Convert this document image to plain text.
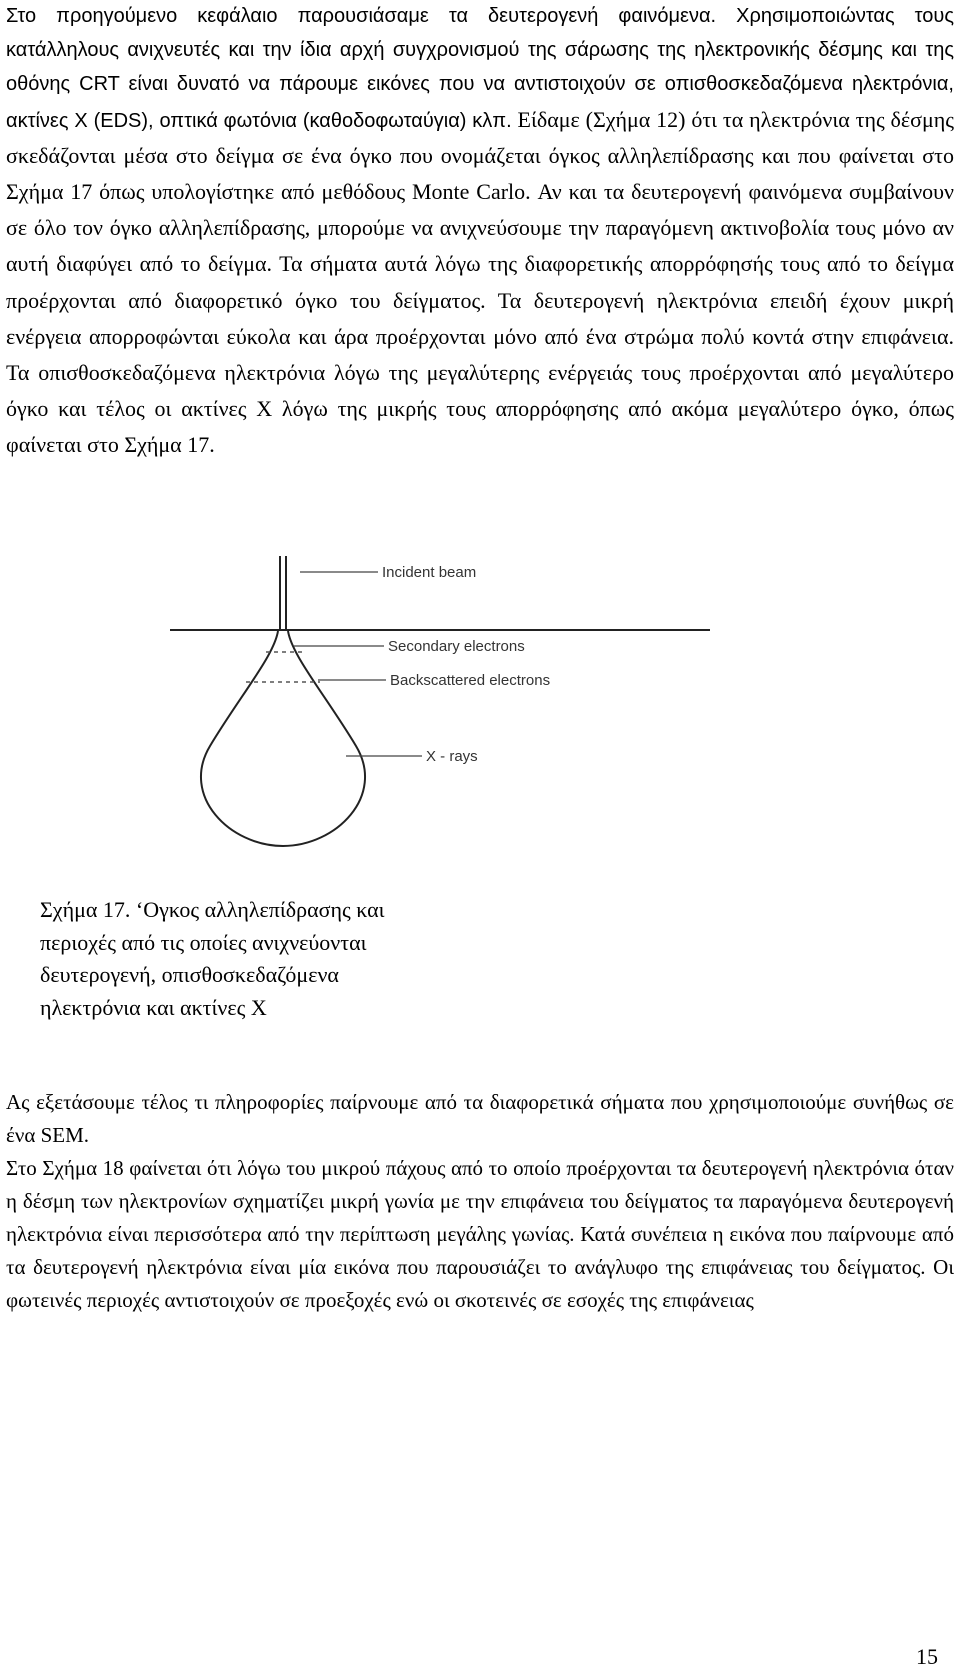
Στο προηγούμενο κεφάλαιο παρουσιάσαμε τα δευτερογενή φαινόμενα. Χρησιμοποιώντας τους κατάλληλους ανιχνευτές και την ίδια αρχή συγχρονισμού της σάρωσης της ηλεκτρονικής δέσμης και της οθόνης CRT είναι δυνατό να πάρουμε εικόνες που να αντιστοιχούν σε οπισθοσκεδαζόμενα ηλεκτρόνια, ακτίνες X (EDS), οπτικά φωτόνια (καθοδοφωταύγια) κλπ. Είδαμε (Σχήμα 12) ότι τα ηλεκτρόνια της δέσμης σκεδάζονται μέσα στο δείγμα σε ένα όγκο που ονομάζεται όγκος αλληλεπίδρασης και που φαίνεται στο Σχήμα 17 όπως υπολογίστηκε από μεθόδους Monte Carlo. Αν και τα δευτερογενή φαινόμενα συμβαίνουν σε όλο τον όγκο αλληλεπίδρασης, μπορούμε να ανιχνεύσουμε την παραγόμενη ακτινοβολία τους μόνο αν αυτή διαφύγει από το δείγμα. Τα σήματα αυτά λόγω της διαφορετικής απορρόφησής τους από το δείγμα προέρχονται από διαφορετικό όγκο του δείγματος. Τα δευτερογενή ηλεκτρόνια επειδή έχουν μικρή ενέργεια απορροφώνται εύκολα και άρα προέρχονται μόνο από ένα στρώμα πολύ κοντά στην επιφάνεια. Τα οπισθοσκεδαζόμενα ηλεκτρόνια λόγω της μεγαλύτερης ενέργειάς τους προέρχονται από μεγαλύτερο όγκο και τέλος οι ακτίνες X λόγω της μικρής τους απορρόφησης από ακόμα μεγαλύτερο όγκο, όπως φαίνεται στο Σχήμα 17.

Incident beam
Secondary electrons
Backscattered electrons
X - rays

Σχήμα 17. ‘Ογκος αλληλεπίδρασης και
περιοχές από τις οποίες ανιχνεύονται
δευτερογενή, οπισθοσκεδαζόμενα
ηλεκτρόνια και ακτίνες X

Ας εξετάσουμε τέλος τι πληροφορίες παίρνουμε από τα διαφορετικά σήματα που χρησιμοποιούμε συνήθως σε ένα SEM.
Στο Σχήμα 18 φαίνεται ότι λόγω του μικρού πάχους από το οποίο προέρχονται τα δευτερογενή ηλεκτρόνια όταν η δέσμη των ηλεκτρονίων σχηματίζει μικρή γωνία με την επιφάνεια του δείγματος τα παραγόμενα δευτερογενή ηλεκτρόνια είναι περισσότερα από την περίπτωση μεγάλης γωνίας. Κατά συνέπεια η εικόνα που παίρνουμε από τα δευτερογενή ηλεκτρόνια είναι μία εικόνα που παρουσιάζει το ανάγλυφο της επιφάνειας του δείγματος. Οι φωτεινές περιοχές αντιστοιχούν σε προεξοχές ενώ οι σκοτεινές σε εσοχές της επιφάνειας

15
